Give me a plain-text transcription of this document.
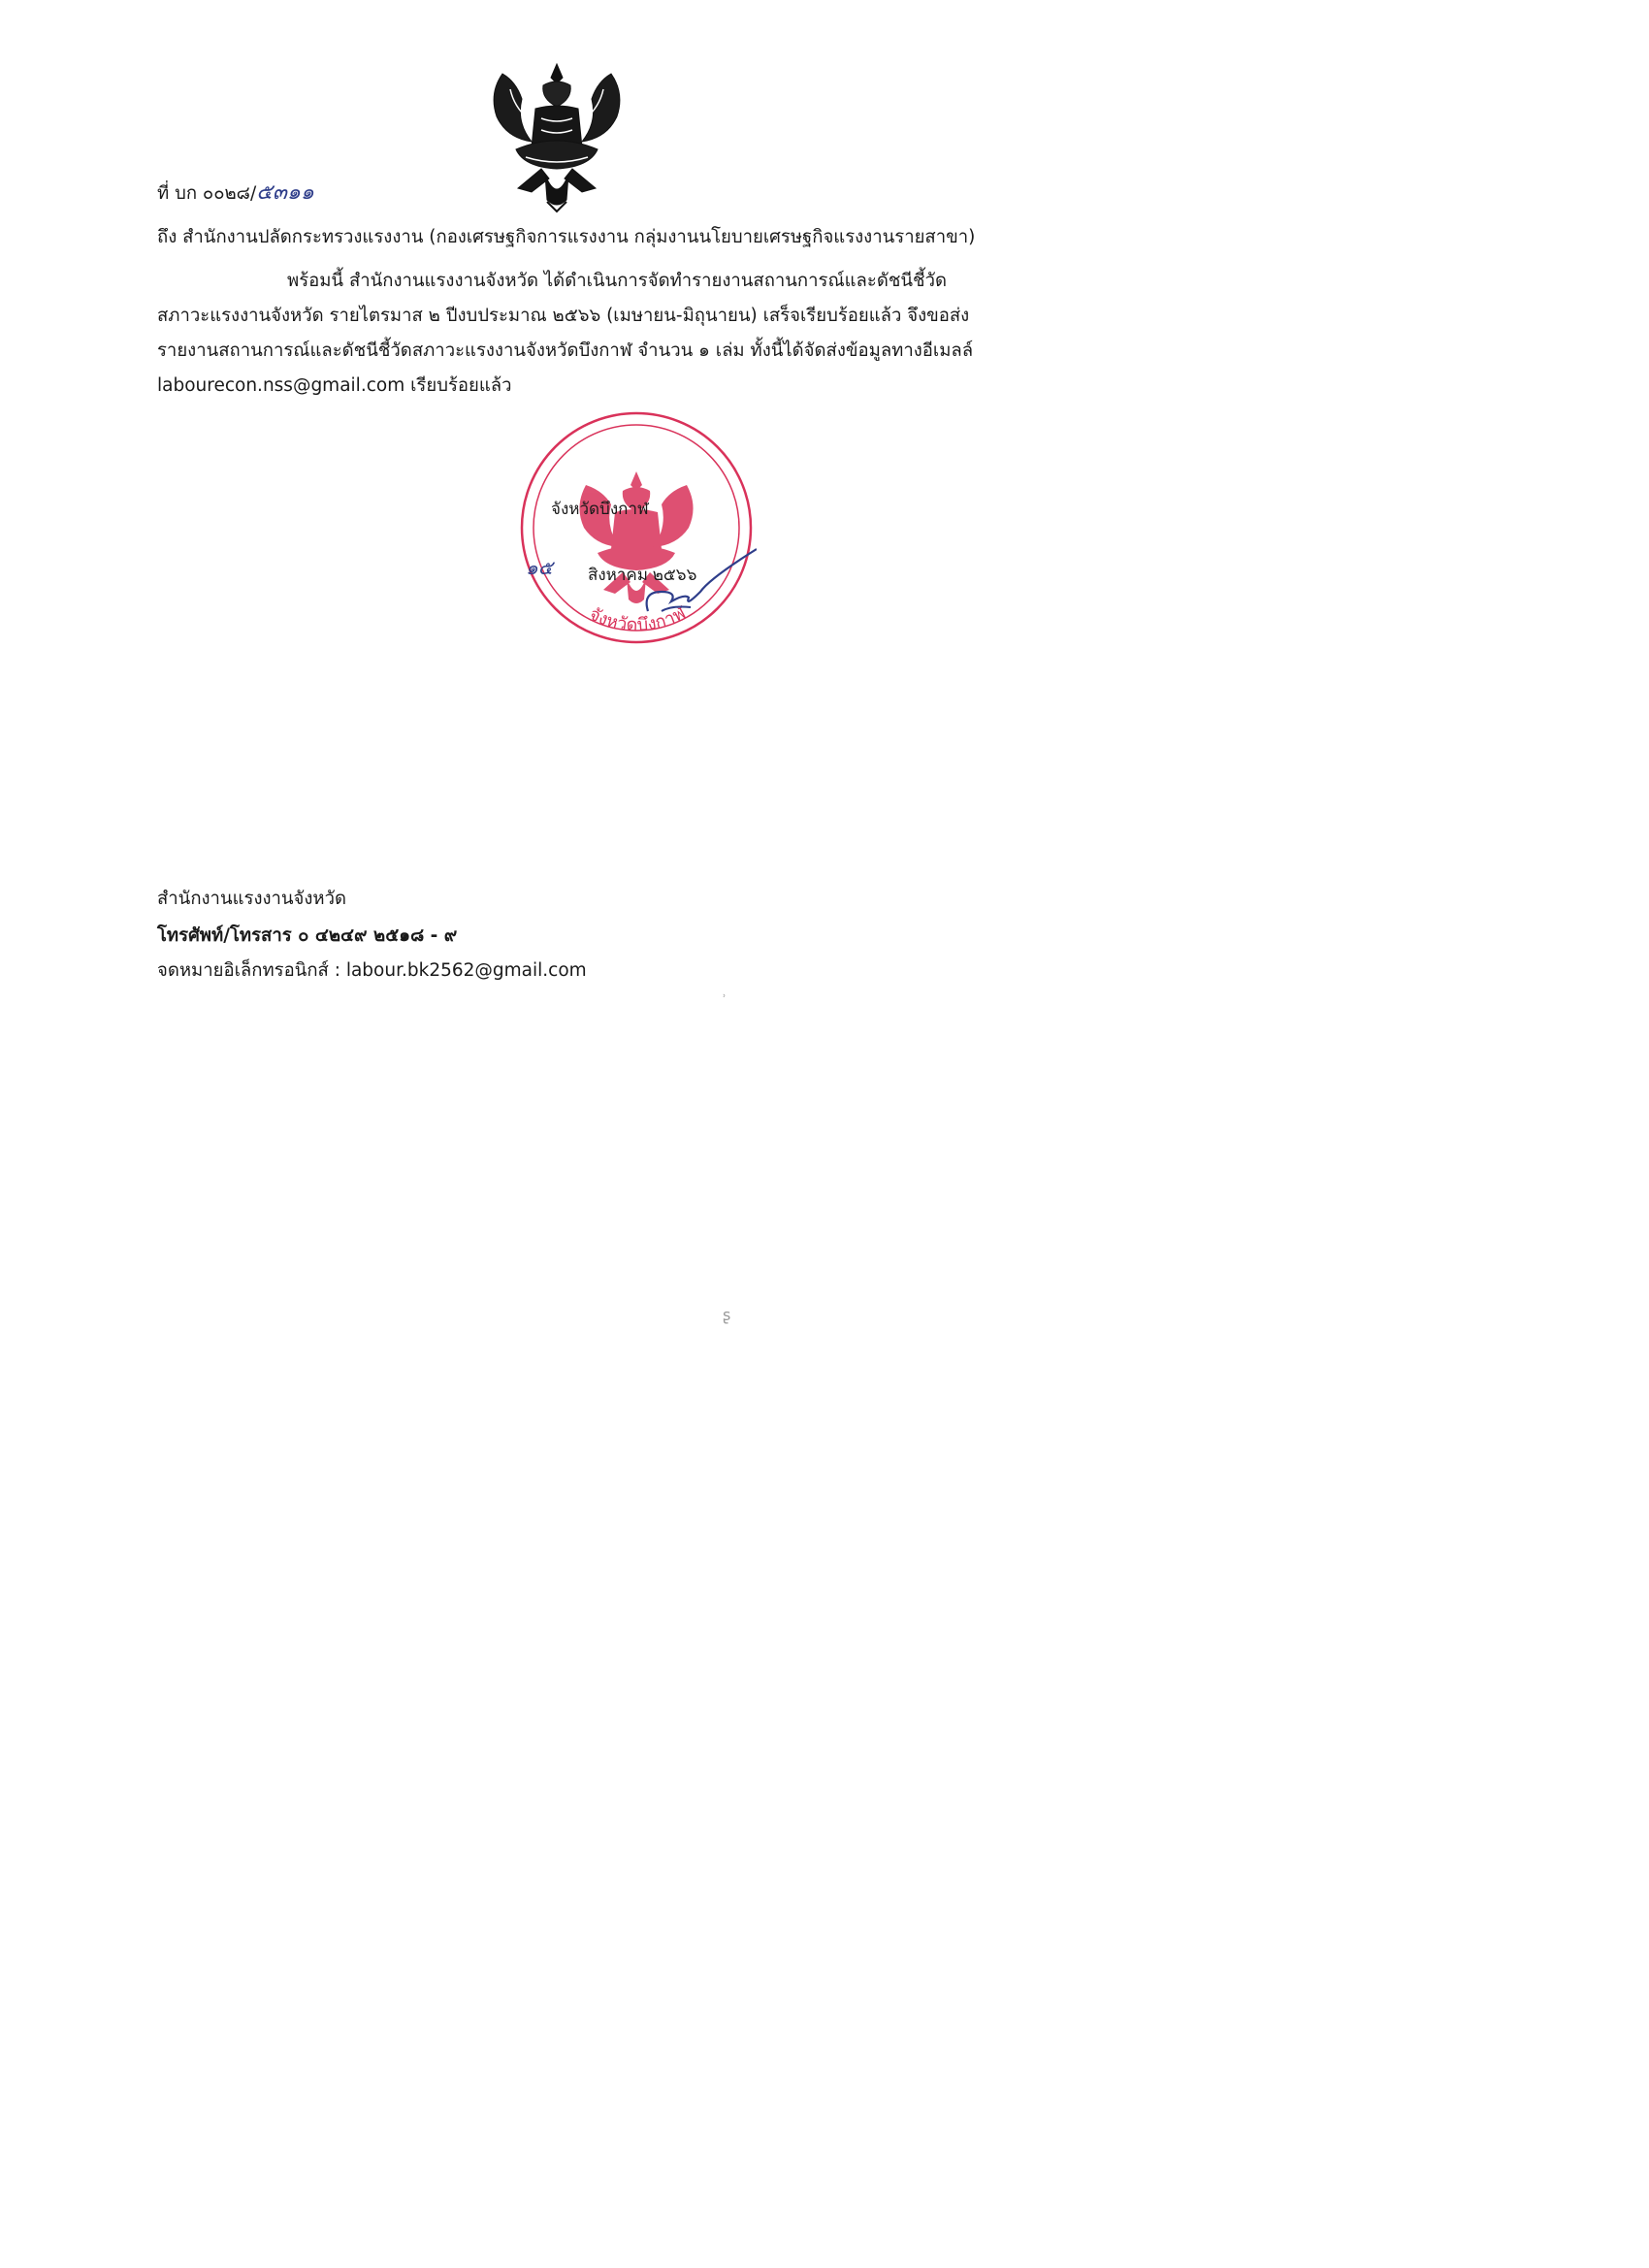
ที่ บก ๐๐๒๘/๕๓๑๑
ถึง สำนักงานปลัดกระทรวงแรงงาน (กองเศรษฐกิจการแรงงาน กลุ่มงานนโยบายเศรษฐกิจแรงงานรายสาขา)
พร้อมนี้ สำนักงานแรงงานจังหวัด ได้ดำเนินการจัดทำรายงานสถานการณ์และดัชนีชี้วัด
สภาวะแรงงานจังหวัด รายไตรมาส ๒ ปีงบประมาณ ๒๕๖๖ (เมษายน-มิถุนายน) เสร็จเรียบร้อยแล้ว จึงขอส่ง
รายงานสถานการณ์และดัชนีชี้วัดสภาวะแรงงานจังหวัดบึงกาฬ จำนวน ๑ เล่ม ทั้งนี้ได้จัดส่งข้อมูลทางอีเมลล์
labourecon.nss@gmail.com เรียบร้อยแล้ว
จังหวัดบึงกาฬ
๑๕ สิงหาคม ๒๕๖๖
จังหวัดบึงกาฬ
สำนักงานแรงงานจังหวัด
โทรศัพท์/โทรสาร ๐ ๔๒๔๙ ๒๕๑๘ - ๙
จดหมายอิเล็กทรอนิกส์ : labour.bk2562@gmail.com
˒
ʂ
